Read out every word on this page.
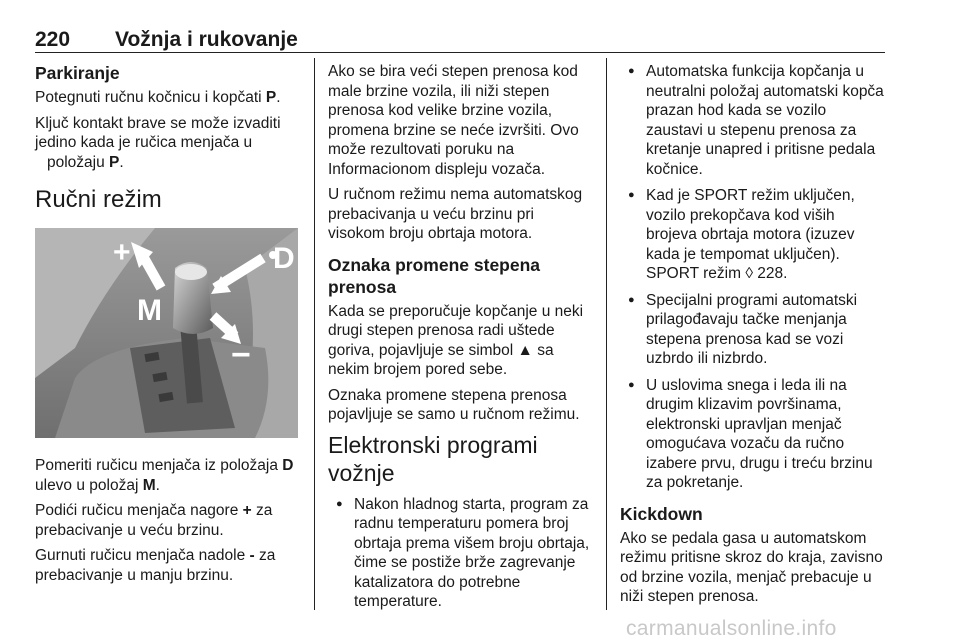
220 Vožnja i rukovanje
Parkiranje

Potegnuti ručnu kočnicu i kopčati P.

Ključ kontakt brave se može izvaditi jedino kada je ručica menjača u
položaju P.

Ručni režim
+	D
M
−

Pomeriti ručicu menjača iz položaja D ulevo u položaj M.

Podići ručicu menjača nagore + za prebacivanje u veću brzinu.

Gurnuti ručicu menjača nadole - za prebacivanje u manju brzinu.

Ako se bira veći stepen prenosa kod male brzine vozila, ili niži stepen prenosa kod velike brzine vozila, promena brzine se neće izvršiti. Ovo može rezultovati poruku na Informacionom displeju vozača.

U ručnom režimu nema automatskog prebacivanja u veću brzinu pri visokom broju obrtaja motora.

Oznaka promene stepena prenosa

Kada se preporučuje kopčanje u neki drugi stepen prenosa radi uštede goriva, pojavljuje se simbol ▲ sa nekim brojem pored sebe.

Oznaka promene stepena prenosa pojavljuje se samo u ručnom režimu.

Elektronski programi vožnje
● Nakon hladnog starta, program za radnu temperaturu pomera broj obrtaja prema višem broju obrtaja, čime se postiže brže zagrevanje katalizatora do potrebne temperature.
● Automatska funkcija kopčanja u neutralni položaj automatski kopča prazan hod kada se vozilo zaustavi u stepenu prenosa za kretanje unapred i pritisne pedala kočnice.
● Kad je SPORT režim uključen, vozilo prekopčava kod viših brojeva obrtaja motora (izuzev kada je tempomat uključen). SPORT režim ◊ 228.
● Specijalni programi automatski prilagođavaju tačke menjanja stepena prenosa kad se vozi uzbrdo ili nizbrdo.
● U uslovima snega i leda ili na drugim klizavim površinama, elektronski upravljan menjač omogućava vozaču da ručno izabere prvu, drugu i treću brzinu za pokretanje.
Kickdown

Ako se pedala gasa u automatskom režimu pritisne skroz do kraja, zavisno od brzine vozila, menjač prebacuje u niži stepen prenosa.

carmanualsonline.info
